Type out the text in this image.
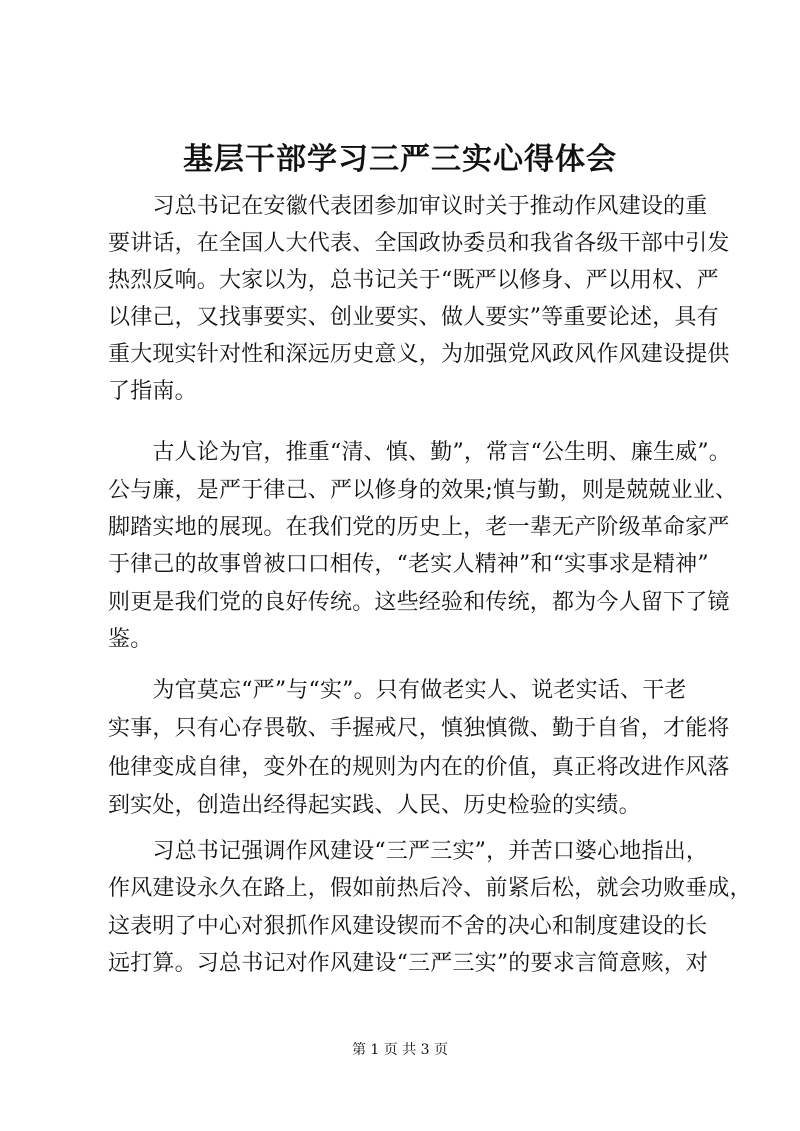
基层干部学习三严三实心得体会
　　习总书记在安徽代表团参加审议时关于推动作风建设的重
要讲话，在全国人大代表、全国政协委员和我省各级干部中引发
热烈反响。大家以为，总书记关于“既严以修身、严以用权、严
以律己，又找事要实、创业要实、做人要实”等重要论述，具有
重大现实针对性和深远历史意义，为加强党风政风作风建设提供
了指南。
　　古人论为官，推重“清、慎、勤”，常言“公生明、廉生威”。
公与廉，是严于律己、严以修身的效果;慎与勤，则是兢兢业业、
脚踏实地的展现。在我们党的历史上，老一辈无产阶级革命家严
于律己的故事曾被口口相传，“老实人精神”和“实事求是精神”
则更是我们党的良好传统。这些经验和传统，都为今人留下了镜
鉴。
　　为官莫忘“严”与“实”。只有做老实人、说老实话、干老
实事，只有心存畏敬、手握戒尺，慎独慎微、勤于自省，才能将
他律变成自律，变外在的规则为内在的价值，真正将改进作风落
到实处，创造出经得起实践、人民、历史检验的实绩。
　　习总书记强调作风建设“三严三实”，并苦口婆心地指出，
作风建设永久在路上，假如前热后冷、前紧后松，就会功败垂成，
这表明了中心对狠抓作风建设锲而不舍的决心和制度建设的长
远打算。习总书记对作风建设“三严三实”的要求言简意赅，对
第 1 页 共 3 页
